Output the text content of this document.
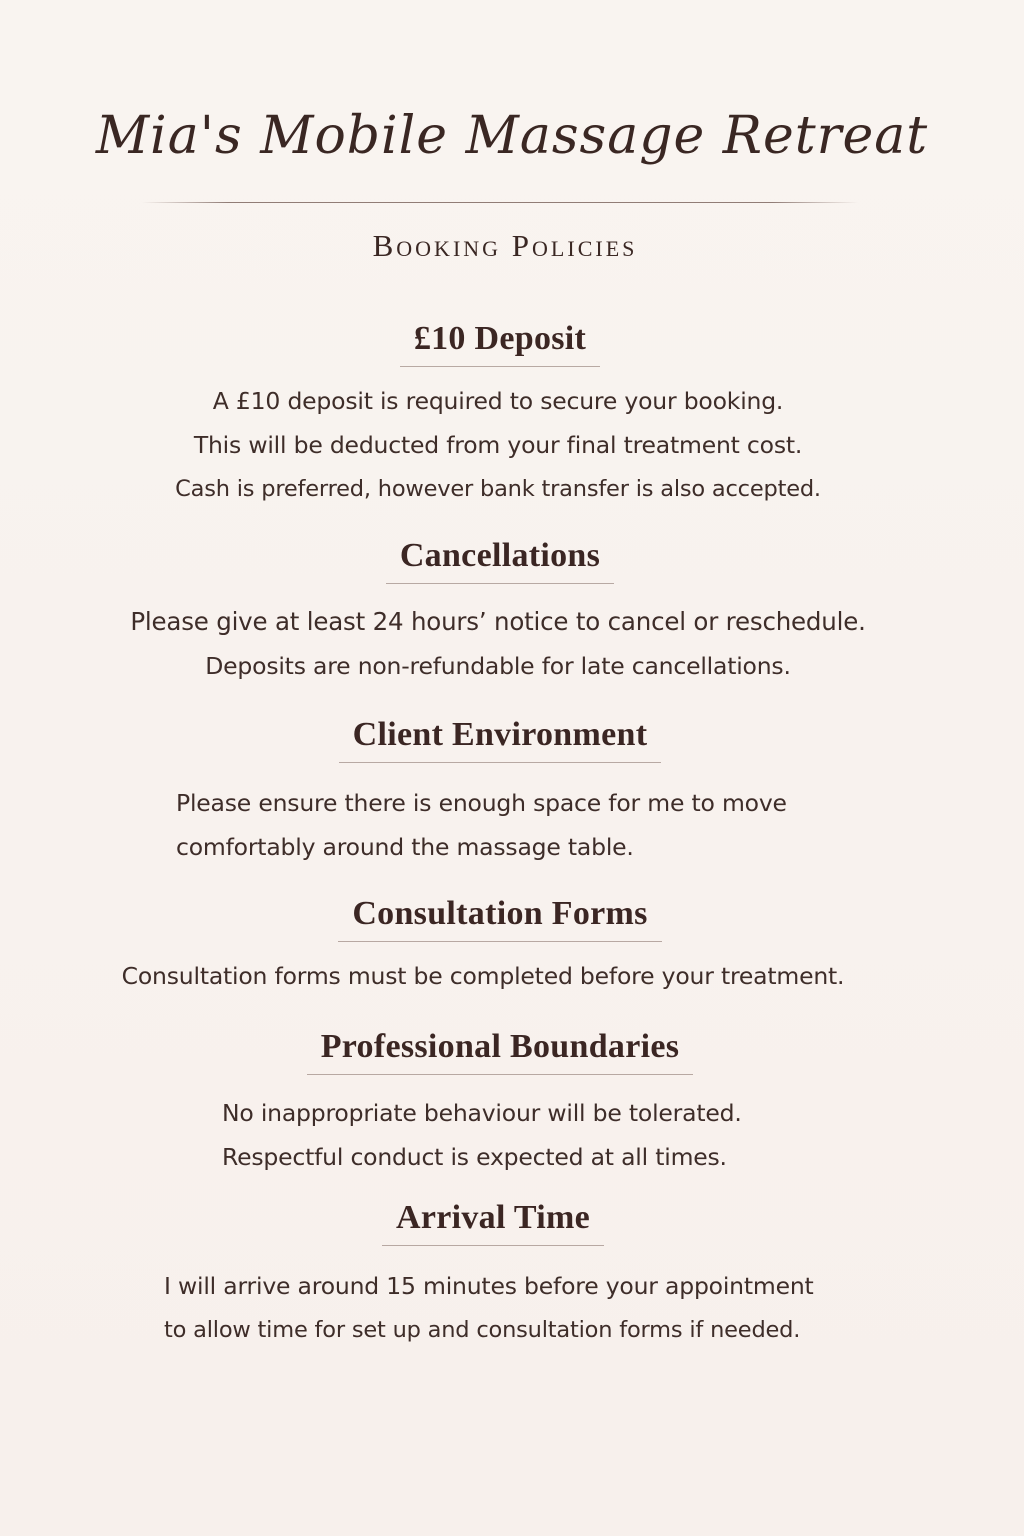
Mia's Mobile Massage Retreat
Booking Policies
£10 Deposit
A £10 deposit is required to secure your booking.
This will be deducted from your final treatment cost.
Cash is preferred, however bank transfer is also accepted.
Cancellations
Please give at least 24 hours’ notice to cancel or reschedule.
Deposits are non-refundable for late cancellations.
Client Environment
Please ensure there is enough space for me to move
comfortably around the massage table.
Consultation Forms
Consultation forms must be completed before your treatment.
Professional Boundaries
No inappropriate behaviour will be tolerated.
Respectful conduct is expected at all times.
Arrival Time
I will arrive around 15 minutes before your appointment
to allow time for set up and consultation forms if needed.
